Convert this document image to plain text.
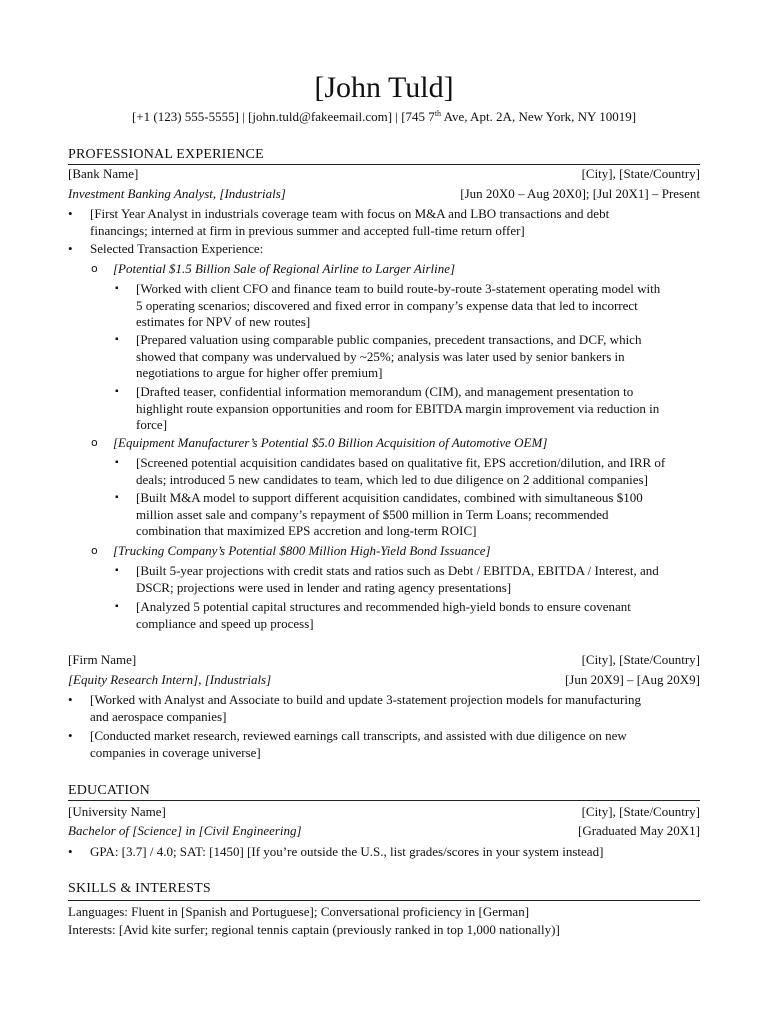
[John Tuld]
[+1 (123) 555-5555] | [john.tuld@fakeemail.com] | [745 7th Ave, Apt. 2A, New York, NY 10019]
PROFESSIONAL EXPERIENCE
[Bank Name]	[City], [State/Country]
Investment Banking Analyst, [Industrials]	[Jun 20X0 – Aug 20X0]; [Jul 20X1] – Present
• [First Year Analyst in industrials coverage team with focus on M&A and LBO transactions and debt
financings; interned at firm in previous summer and accepted full-time return offer]
• Selected Transaction Experience:
o [Potential $1.5 Billion Sale of Regional Airline to Larger Airline]
▪ [Worked with client CFO and finance team to build route-by-route 3-statement operating model with
5 operating scenarios; discovered and fixed error in company’s expense data that led to incorrect
estimates for NPV of new routes]
▪ [Prepared valuation using comparable public companies, precedent transactions, and DCF, which
showed that company was undervalued by ~25%; analysis was later used by senior bankers in
negotiations to argue for higher offer premium]
▪ [Drafted teaser, confidential information memorandum (CIM), and management presentation to
highlight route expansion opportunities and room for EBITDA margin improvement via reduction in
force]
o [Equipment Manufacturer’s Potential $5.0 Billion Acquisition of Automotive OEM]
▪ [Screened potential acquisition candidates based on qualitative fit, EPS accretion/dilution, and IRR of
deals; introduced 5 new candidates to team, which led to due diligence on 2 additional companies]
▪ [Built M&A model to support different acquisition candidates, combined with simultaneous $100
million asset sale and company’s repayment of $500 million in Term Loans; recommended
combination that maximized EPS accretion and long-term ROIC]
o [Trucking Company’s Potential $800 Million High-Yield Bond Issuance]
▪ [Built 5-year projections with credit stats and ratios such as Debt / EBITDA, EBITDA / Interest, and
DSCR; projections were used in lender and rating agency presentations]
▪ [Analyzed 5 potential capital structures and recommended high-yield bonds to ensure covenant
compliance and speed up process]
[Firm Name]	[City], [State/Country]
[Equity Research Intern], [Industrials]	[Jun 20X9] – [Aug 20X9]
• [Worked with Analyst and Associate to build and update 3-statement projection models for manufacturing
and aerospace companies]
• [Conducted market research, reviewed earnings call transcripts, and assisted with due diligence on new
companies in coverage universe]
EDUCATION
[University Name]	[City], [State/Country]
Bachelor of [Science] in [Civil Engineering]	[Graduated May 20X1]
• GPA: [3.7] / 4.0; SAT: [1450] [If you’re outside the U.S., list grades/scores in your system instead]
SKILLS & INTERESTS
Languages: Fluent in [Spanish and Portuguese]; Conversational proficiency in [German]
Interests: [Avid kite surfer; regional tennis captain (previously ranked in top 1,000 nationally)]
